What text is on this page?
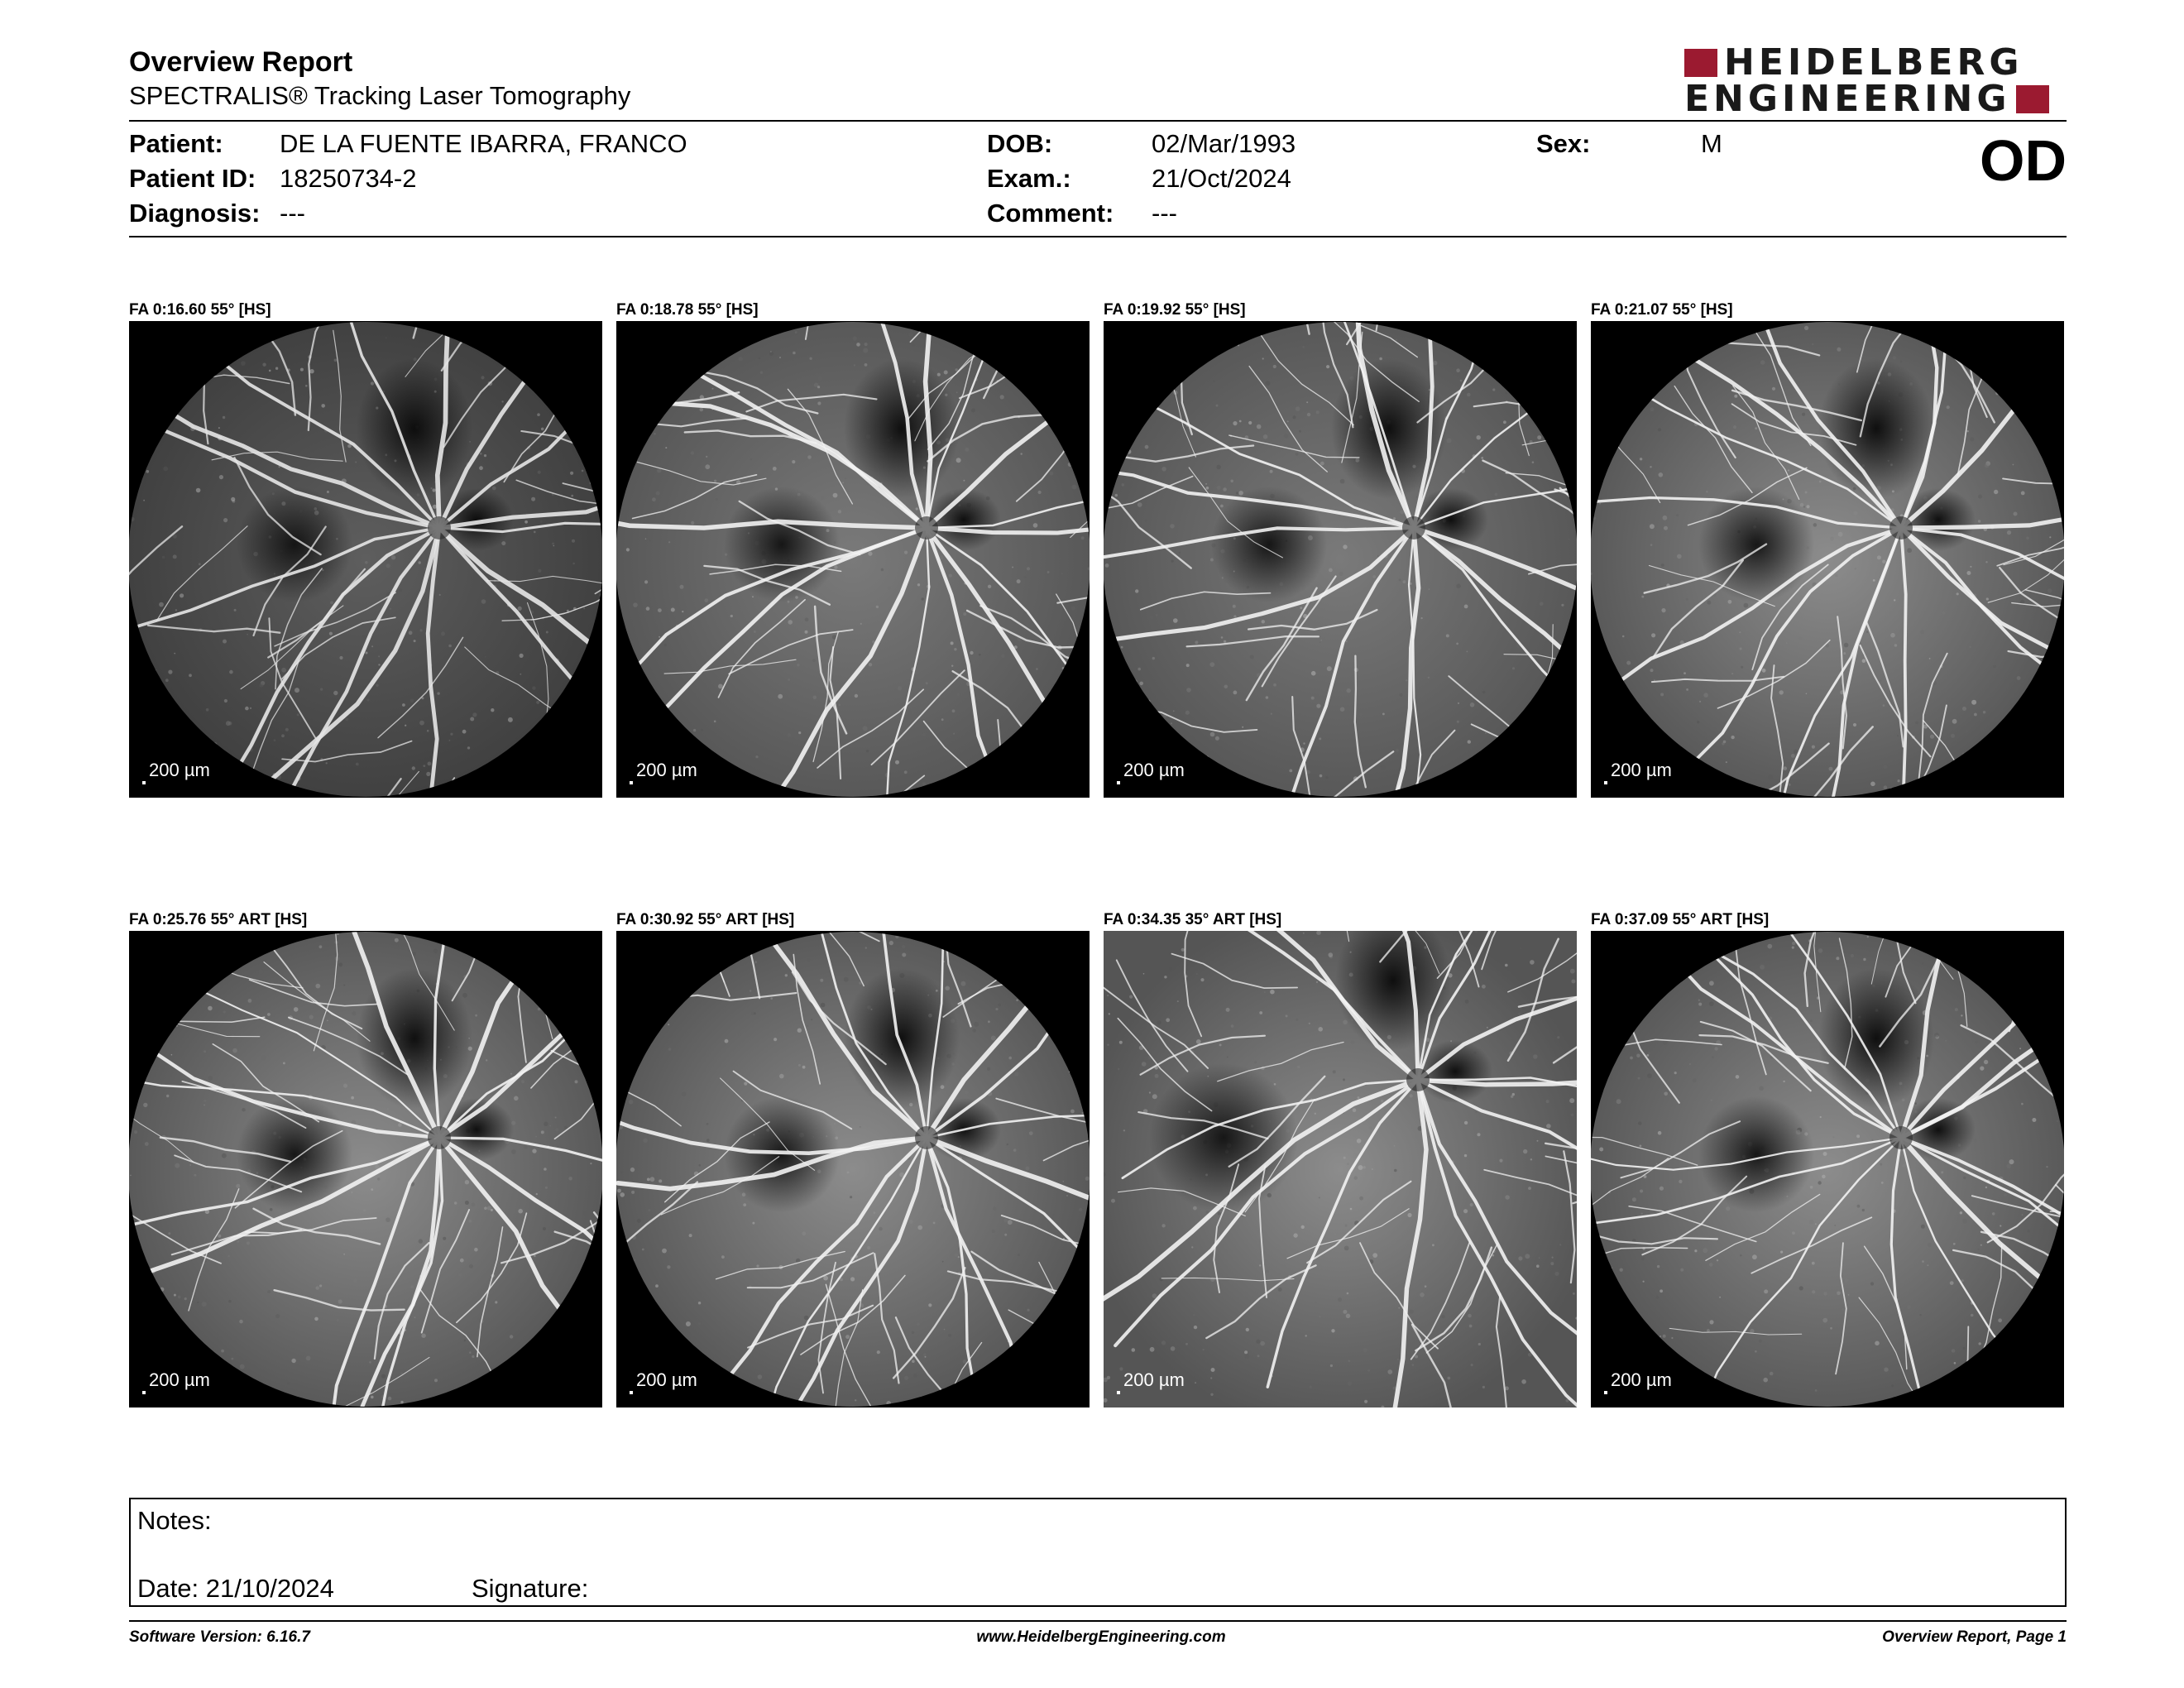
Overview Report
SPECTRALIS® Tracking Laser Tomography
HEIDELBERG
ENGINEERING
Patient: DE LA FUENTE IBARRA, FRANCO
Patient ID: 18250734-2
Diagnosis: ---
DOB:	02/Mar/1993
Exam.:	21/Oct/2024
Comment: ---
Sex:	M	OD
FA 0:16.60 55° [HS]
200 µm
FA 0:18.78 55° [HS]
200 µm
FA 0:19.92 55° [HS]
200 µm
FA 0:21.07 55° [HS]
200 µm
FA 0:25.76 55° ART [HS]
200 µm
FA 0:30.92 55° ART [HS]
200 µm
FA 0:34.35 35° ART [HS]
200 µm
FA 0:37.09 55° ART [HS]
200 µm
Notes:
Date: 21/10/2024	Signature:
Software Version: 6.16.7	www.HeidelbergEngineering.com	Overview Report, Page 1
